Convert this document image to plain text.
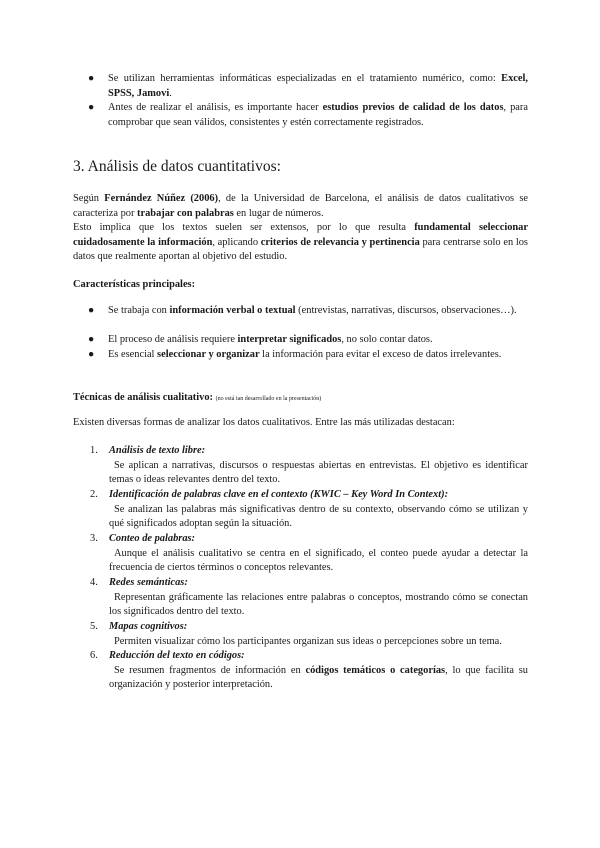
●	Se utilizan herramientas informáticas especializadas en el tratamiento numérico, como: Excel, SPSS, Jamovi.
●	Antes de realizar el análisis, es importante hacer estudios previos de calidad de los datos, para comprobar que sean válidos, consistentes y estén correctamente registrados.
3. Análisis de datos cuantitativos:
Según Fernández Núñez (2006), de la Universidad de Barcelona, el análisis de datos cualitativos se caracteriza por trabajar con palabras en lugar de números.
Esto implica que los textos suelen ser extensos, por lo que resulta fundamental seleccionar cuidadosamente la información, aplicando criterios de relevancia y pertinencia para centrarse solo en los datos que realmente aportan al objetivo del estudio.
Características principales:
●	Se trabaja con información verbal o textual (entrevistas, narrativas, discursos, observaciones…).
●	El proceso de análisis requiere interpretar significados, no solo contar datos.
●	Es esencial seleccionar y organizar la información para evitar el exceso de datos irrelevantes.
Técnicas de análisis cualitativo: (no está tan desarrollado en la presentación)
Existen diversas formas de analizar los datos cualitativos. Entre las más utilizadas destacan:
1.	Análisis de texto libre:
Se aplican a narrativas, discursos o respuestas abiertas en entrevistas. El objetivo es identificar temas o ideas relevantes dentro del texto.
2.	Identificación de palabras clave en el contexto (KWIC – Key Word In Context):
Se analizan las palabras más significativas dentro de su contexto, observando cómo se utilizan y qué significados adoptan según la situación.
3.	Conteo de palabras:
Aunque el análisis cualitativo se centra en el significado, el conteo puede ayudar a detectar la frecuencia de ciertos términos o conceptos relevantes.
4.	Redes semánticas:
Representan gráficamente las relaciones entre palabras o conceptos, mostrando cómo se conectan los significados dentro del texto.
5.	Mapas cognitivos:
Permiten visualizar cómo los participantes organizan sus ideas o percepciones sobre un tema.
6.	Reducción del texto en códigos:
Se resumen fragmentos de información en códigos temáticos o categorías, lo que facilita su organización y posterior interpretación.
